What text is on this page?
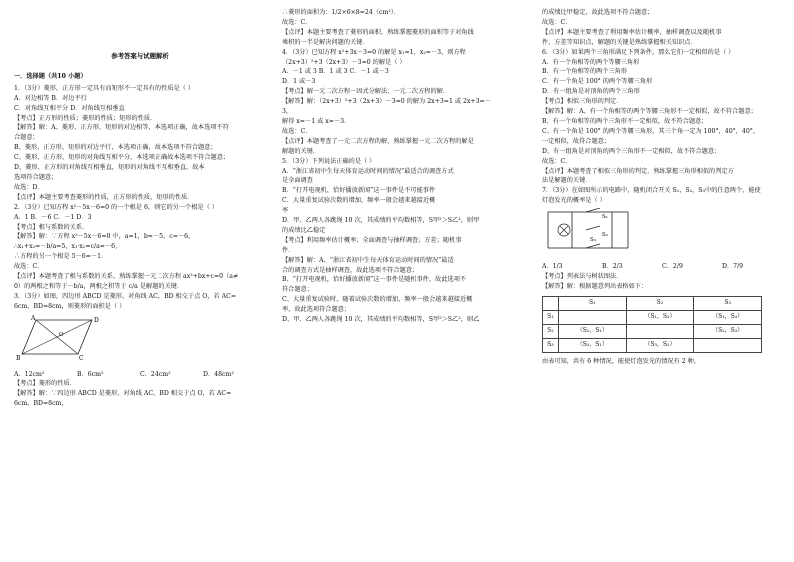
参考答案与试题解析
一．选择题（共10 小题）
1．（3分）菱形，正方形一定具有而矩形不一定具有的性质是（ ）
A．对边相等 B．对边平行
C．对角线互相平分 D．对角线互相垂直
【考点】正方形的性质；菱形的性质；矩形的性质．
【解答】解：A、菱形、正方形、矩形的对边相等，本选项正确，故本选项不符
合题意；
B、菱形、正方形、矩形的对边平行，本选项正确，故本选项不符合题意；
C、菱形、正方形、矩形的对角线互相平分，本选项正确故本选项不符合题意；
D、菱形、正方形的对角线互相垂直，矩形的对角线不互相垂直，故本
选项符合题意；
故选：D．
【点评】本题主要考查菱形的性质，正方形的性质，矩形的性质．
2．（3分）已知方程 x²－5x－6=0 的一个根是 6，则它的另一个根是（ ）
A．1 B．－6 C．－1 D．3
【考点】根与系数的关系．
【解答】解：∵方程 x²－5x－6=0 中，a=1，b=－5，c=－6，
∴x₁+x₂=－b/a=5，x₁·x₂=c/a=－6，
∴方程的另一个根是 5－6=－1．
故选：C．
【点评】本题考查了根与系数的关系，熟练掌握一元二次方程 ax²+bx+c=0（a≠
0）的两根之和等于－b/a，两根之积等于 c/a 是解题的关键．
3．（3分）如图，四边形 ABCD 是菱形，对角线 AC，BD 相交于点 O，若 AC=
6cm，BD=8cm，则菱形的面积是（ ）
A
B	C
D
O
A．12cm²	B．6cm²	C．24cm²	D．48cm²
【考点】菱形的性质．
【解答】解：∵四边形 ABCD 是菱形，对角线 AC，BD 相交于点 O，若 AC=
6cm，BD=8cm，
∴菱形的面积为：1/2×6×8=24（cm²）．
故选：C．
【点评】本题主要考查了菱形的面积，熟练掌握菱形的面积等于对角线
乘积的一半是解决问题的关键．
4．（3分）已知方程 x²+3x－3=0 的解是 x₁=1，x₂=－3，则方程
（2x+3）²+3（2x+3）－3=0 的解是（ ）
A．－1 或 3 B．1 或 3 C．－1 或－3
D．1 或－3
【考点】解一元二次方程－因式分解法；一元二次方程的解．
【解答】解：（2x+3）²+3（2x+3）－3=0 的解为 2x+3=1 或 2x+3=－
3，
解得 x=－1 或 x=－3．
故选：C．
【点评】本题考查了一元二次方程的解，熟练掌握一元二次方程的解是
解题的关键．
5．（3分）下列说法正确的是（ ）
A．“浙江省初中生每天体育运动时间的情况”最适合的调查方式
是全面调查
B．“打开电视机，恰好播放新闻”这一事件是不可能事件
C．大量重复试验次数的增加，频率一般会越来越接近概
率
D．甲、乙两人各跳绳 10 次，其成绩的平均数相等，S甲²＞S乙²，则甲
的成绩比乙稳定
【考点】利用频率估计概率；全面调查与抽样调查；方差；随机事
件．
【解答】解：A、“浙江省初中生每天体育运动时间的情况”最适
合的调查方式是抽样调查，故此选项不符合题意；
B、“打开电视机，恰好播放新闻”这一事件是随机事件，故此选项不
符合题意；
C、大量重复试验时，随着试验次数的增加，频率一般会越来越接近概
率，故此选项符合题意；
D、甲、乙两人各跳绳 10 次，其成绩的平均数相等，S甲²＞S乙²，则乙
的成绩比甲稳定，故此选项不符合题意；
故选：C．
【点评】本题主要考查了利用频率估计概率，抽样调查以及随机事
件，方差等知识点，解题的关键是熟练掌握相关知识点．
6．（3分）如果两个三角形满足下列条件，那么它们一定相似的是（ ）
A．有一个角相等的两个等腰三角形
B．有一个角相等的两个三角形
C．有一个角是 100° 的两个等腰三角形
D．有一组角是对顶角的两个三角形
【考点】相似三角形的判定．
【解答】解：A、有一个角相等的两个等腰三角形不一定相似，故不符合题意；
B、有一个角相等的两个三角形不一定相似，故不符合题意；
C、有一个角是 100° 的两个等腰三角形，其三个角一定为 100°，40°，40°，
一定相似，故符合题意；
D、有一组角是对顶角的两个三角形不一定相似，故不符合题意；
故选：C．
【点评】本题考查了相似三角形的判定，熟练掌握三角形相似的判定方
法是解题的关键．
7．（3分）在如图所示的电路中，随机闭合开关 S₁，S₂，S₃中的任意两个，能使
灯泡发光的概率是（ ）
S₁
S₂
S₃
A．1/3	B．2/3	C．2/9	D．7/9
【考点】列表法与树状图法．
【解答】解：根据题意列出表格如下：
	S₁	S₂	S₃
S₁		（S₁，S₂）	（S₁，S₃）
S₂	（S₂，S₁）		（S₂，S₃）
S₃	（S₃，S₁）	（S₃，S₂）	
由表可知，共有 6 种情况，能使灯泡发光的情况有 2 种，
